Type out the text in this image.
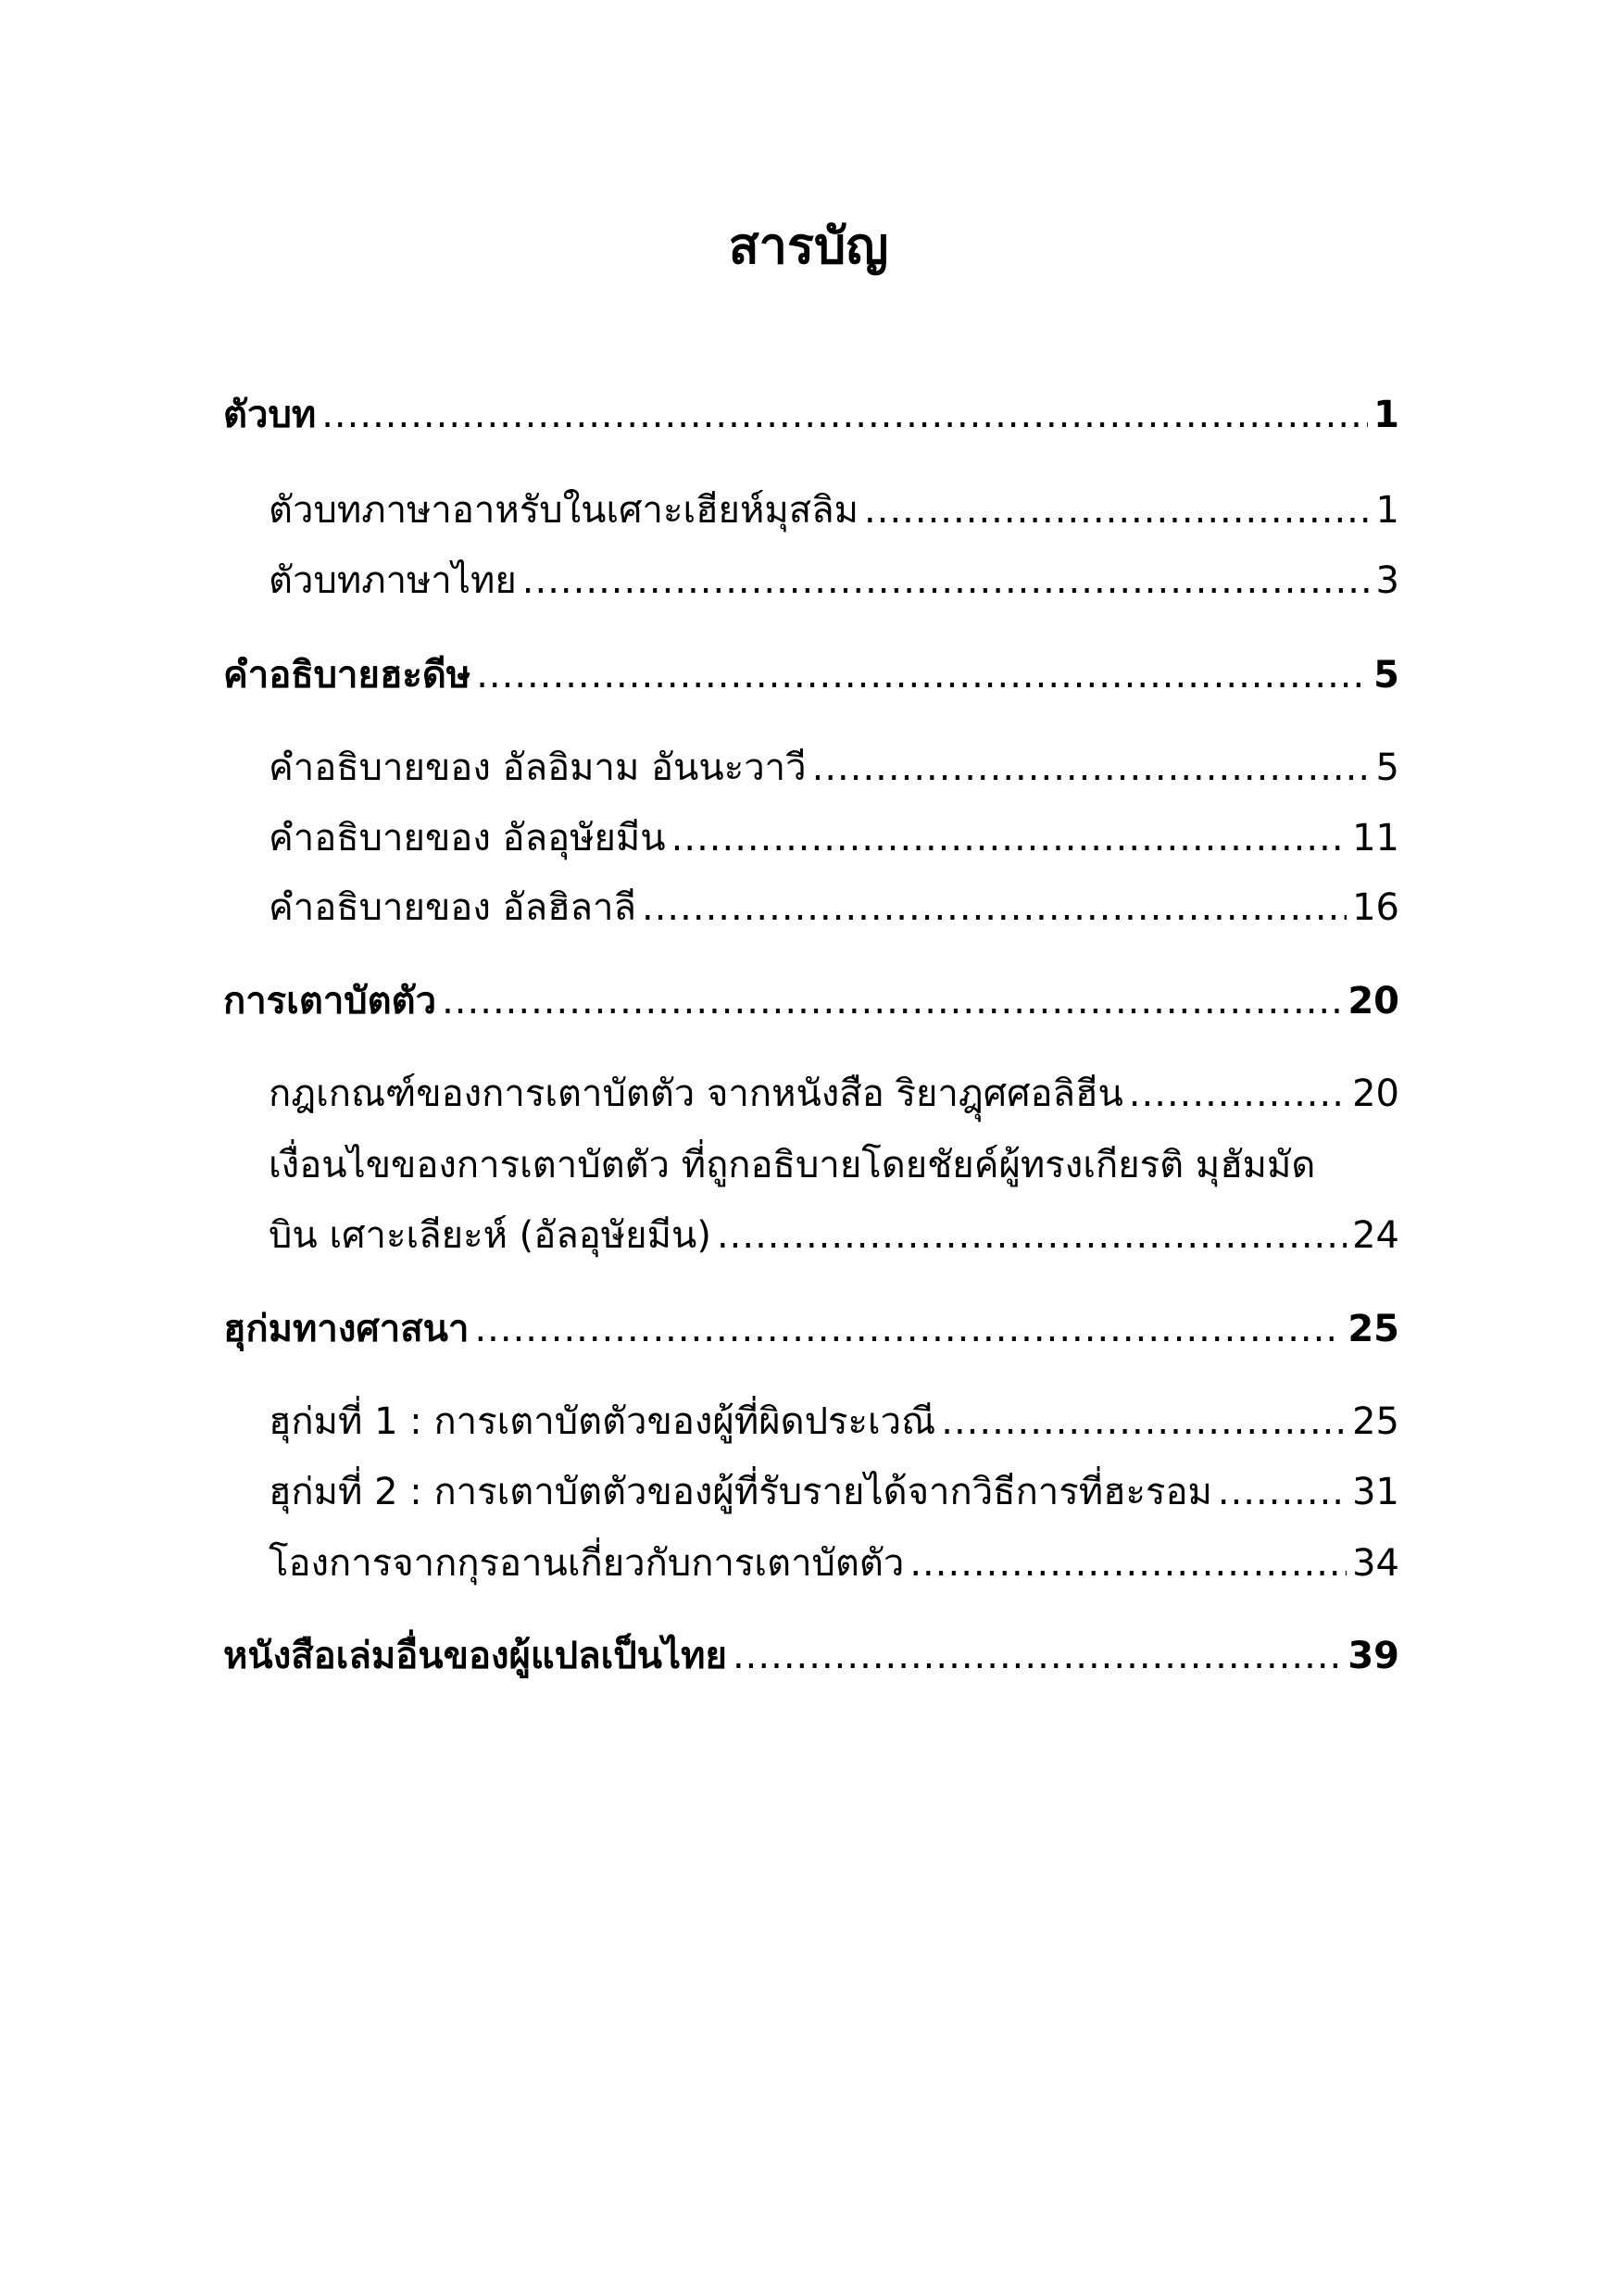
สารบัญ
ตัวบท .....	1
ตัวบทภาษาอาหรับในเศาะเฮียห์มุสลิม .....	1
ตัวบทภาษาไทย .....	3
คำอธิบายฮะดีษ .....	5
คำอธิบายของ อัลอิมาม อันนะวาวี .....	5
คำอธิบายของ อัลอุษัยมีน .....	11
คำอธิบายของ อัลฮิลาลี .....	16
การเตาบัตตัว .....	20
กฎเกณฑ์ของการเตาบัตตัว จากหนังสือ ริยาฎุศศอลิฮีน .....	20
เงื่อนไขของการเตาบัตตัว ที่ถูกอธิบายโดยชัยค์ผู้ทรงเกียรติ มุฮัมมัด
บิน เศาะเลียะห์ (อัลอุษัยมีน) .....	24
ฮุก่มทางศาสนา .....	25
ฮุก่มที่ 1 : การเตาบัตตัวของผู้ที่ผิดประเวณี .....	25
ฮุก่มที่ 2 : การเตาบัตตัวของผู้ที่รับรายได้จากวิธีการที่ฮะรอม .....	31
โองการจากกุรอานเกี่ยวกับการเตาบัตตัว .....	34
หนังสือเล่มอื่นของผู้แปลเป็นไทย .....	39
